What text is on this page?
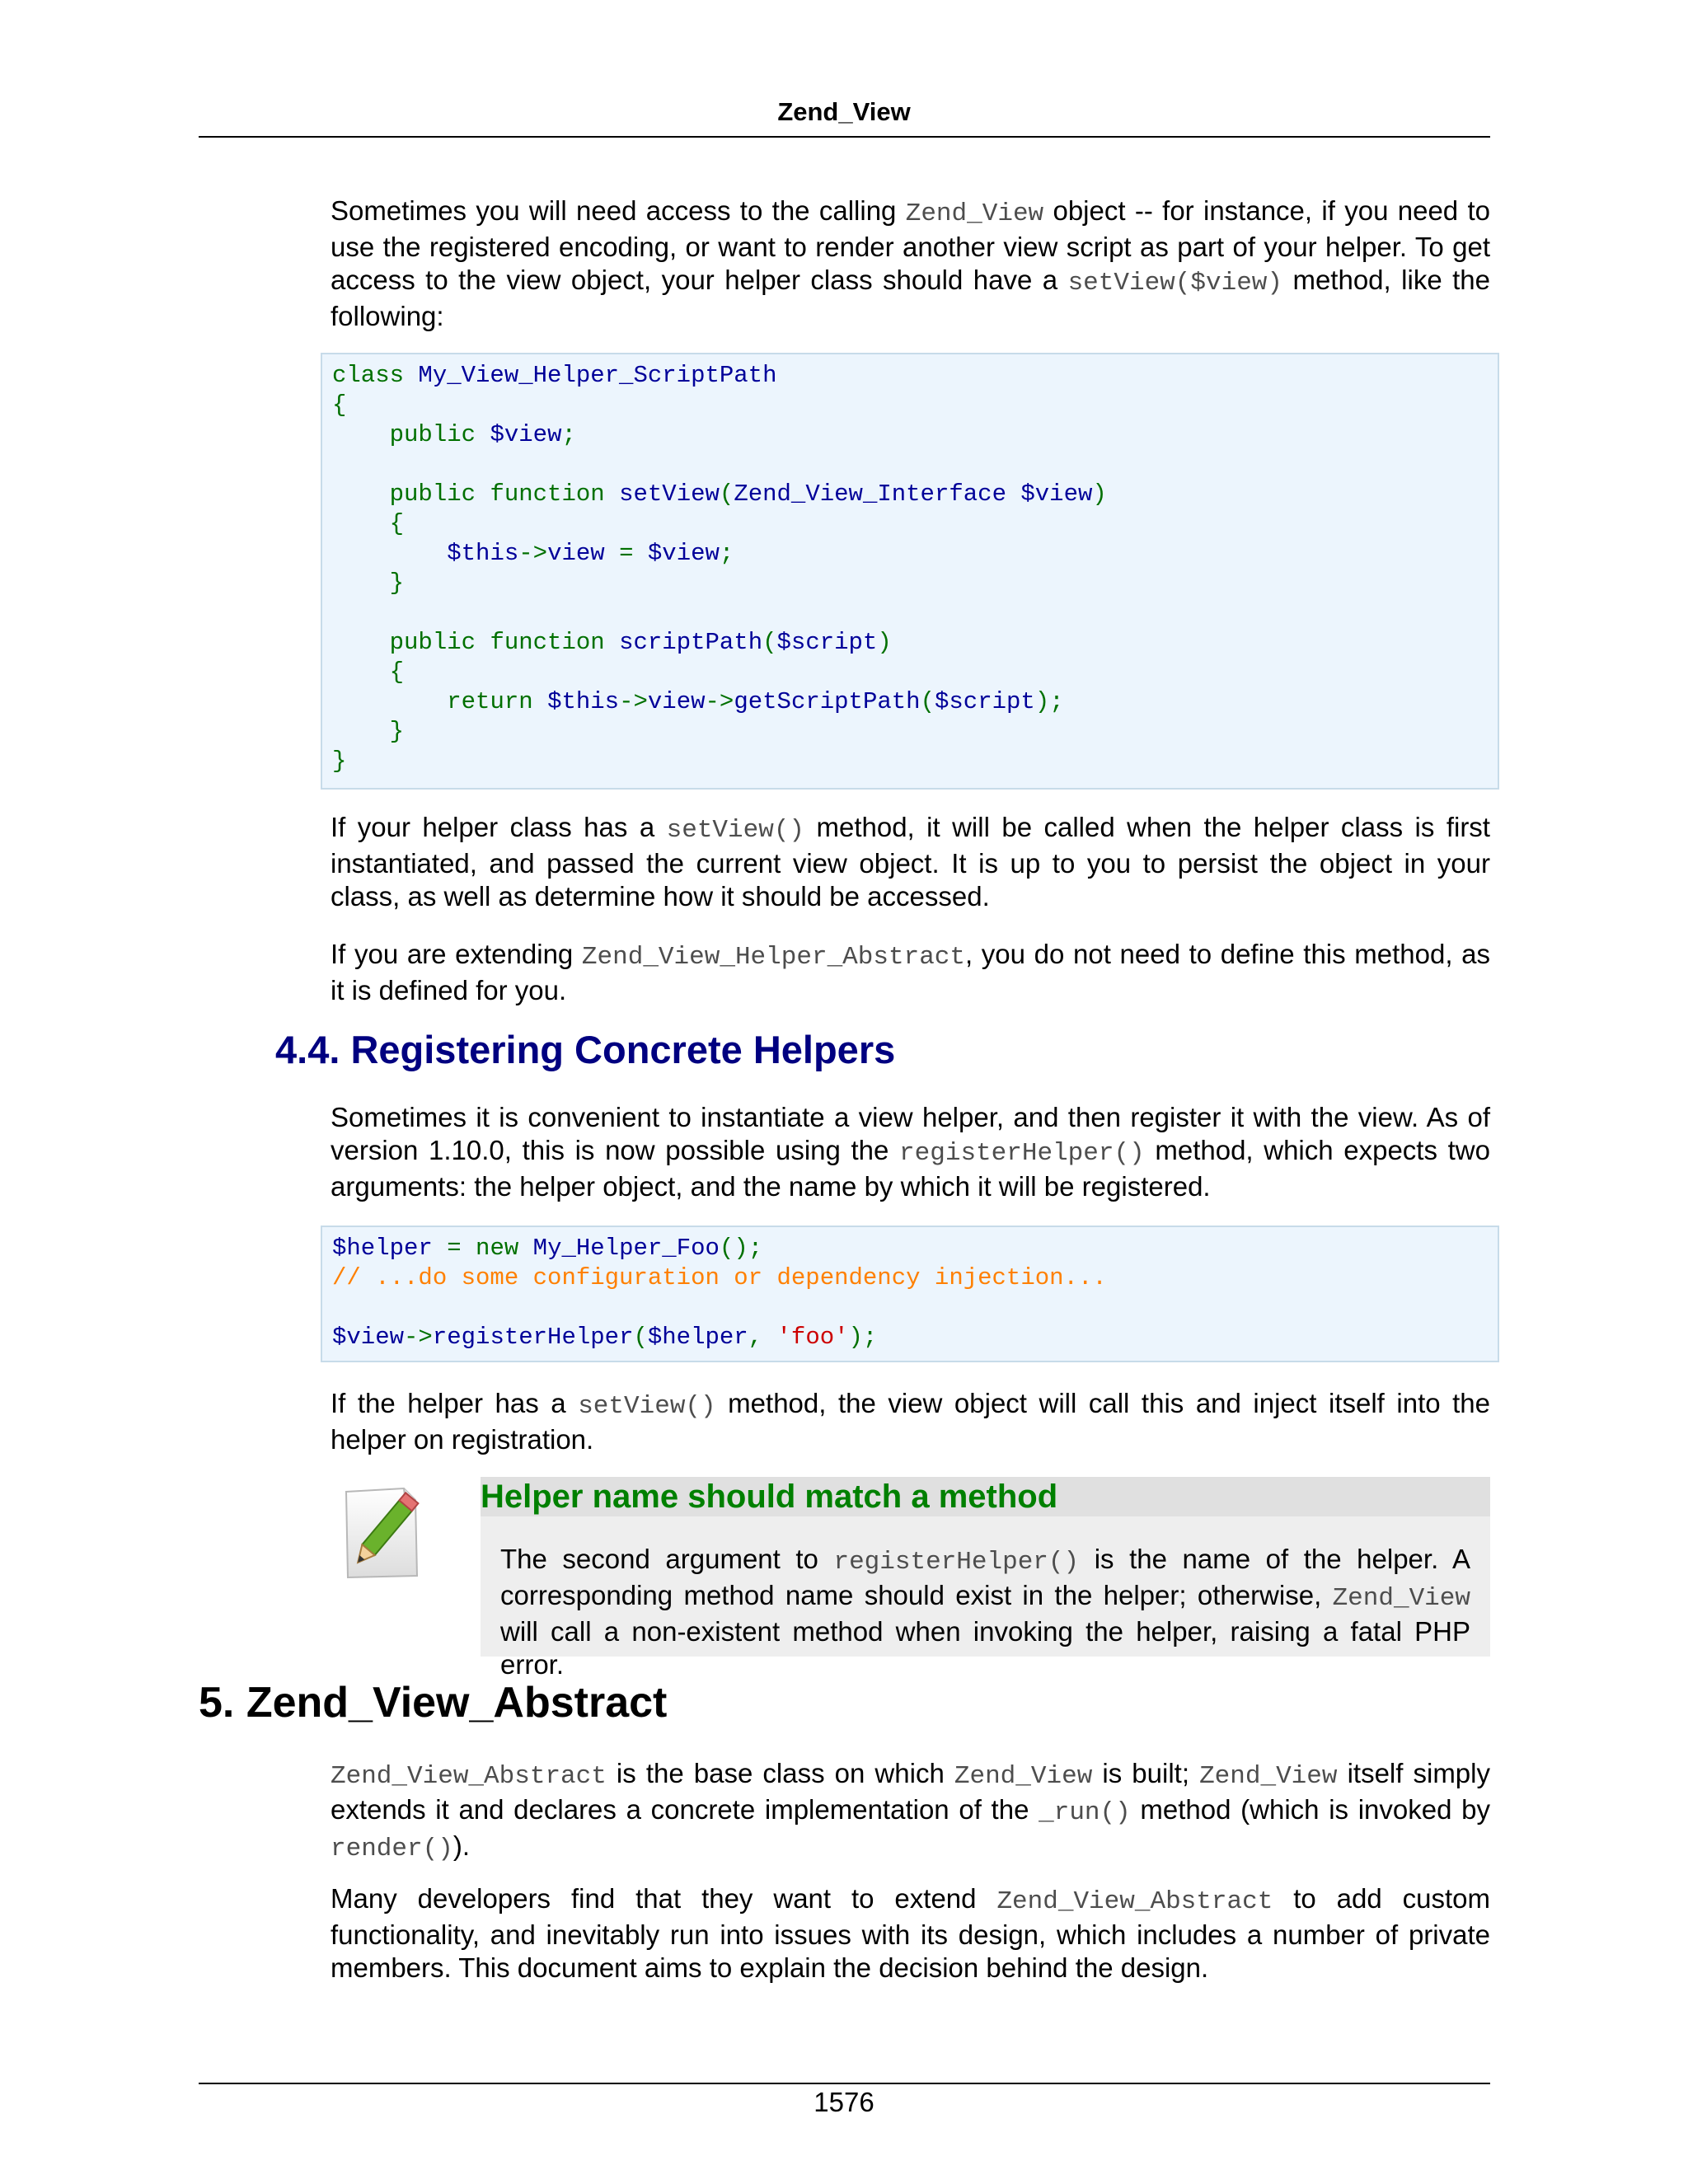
Zend_View

Sometimes you will need access to the calling Zend_View object -- for instance, if you need to use the registered encoding, or want to render another view script as part of your helper. To get access to the view object, your helper class should have a setView($view) method, like the following:

class My_View_Helper_ScriptPath
{
public $view;

public function setView(Zend_View_Interface $view)
{
$this->view = $view;
}

public function scriptPath($script)
{
return $this->view->getScriptPath($script);
}
}

If your helper class has a setView() method, it will be called when the helper class is first instantiated, and passed the current view object. It is up to you to persist the object in your class, as well as determine how it should be accessed.

If you are extending Zend_View_Helper_Abstract, you do not need to define this method, as it is defined for you.

4.4. Registering Concrete Helpers

Sometimes it is convenient to instantiate a view helper, and then register it with the view. As of version 1.10.0, this is now possible using the registerHelper() method, which expects two arguments: the helper object, and the name by which it will be registered.

$helper = new My_Helper_Foo();
// ...do some configuration or dependency injection...

$view->registerHelper($helper, 'foo');

If the helper has a setView() method, the view object will call this and inject itself into the helper on registration.

Helper name should match a method

The second argument to registerHelper() is the name of the helper. A corresponding method name should exist in the helper; otherwise, Zend_View will call a non-existent method when invoking the helper, raising a fatal PHP error.

5. Zend_View_Abstract

Zend_View_Abstract is the base class on which Zend_View is built; Zend_View itself simply extends it and declares a concrete implementation of the _run() method (which is invoked by render()).

Many developers find that they want to extend Zend_View_Abstract to add custom functionality, and inevitably run into issues with its design, which includes a number of private members. This document aims to explain the decision behind the design.

1576
